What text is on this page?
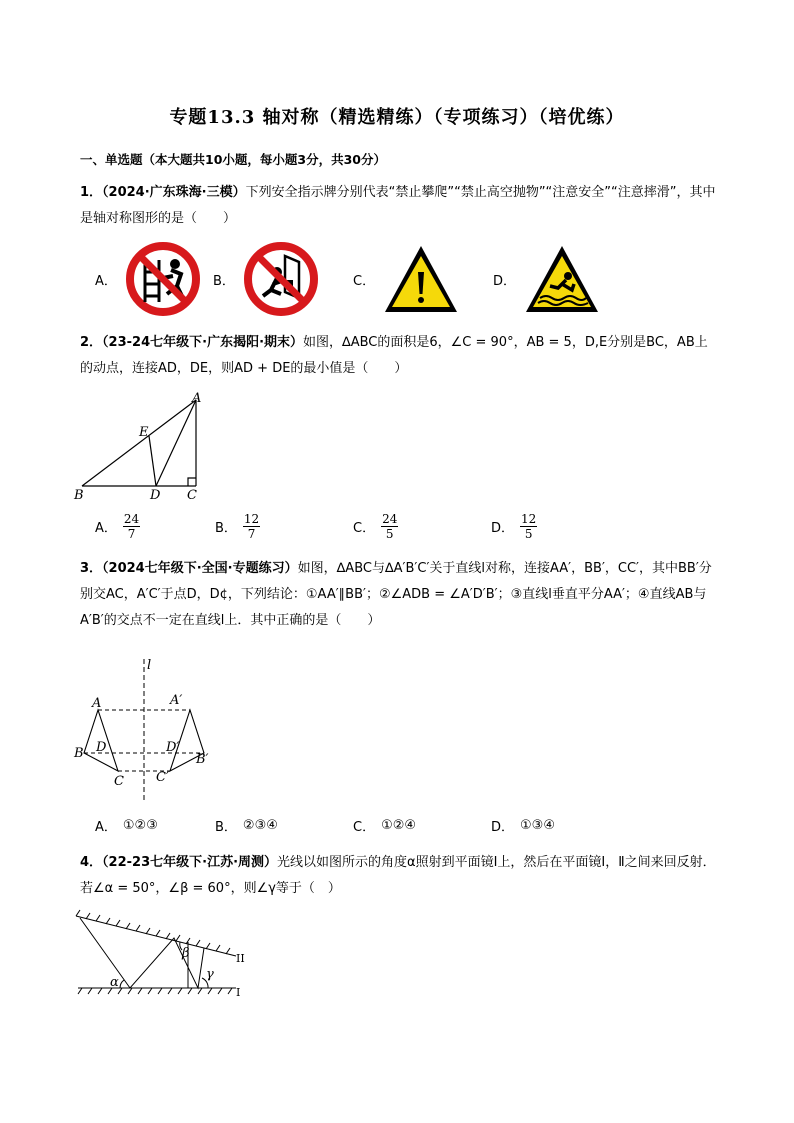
专题13.3 轴对称（精选精练）（专项练习）（培优练）
一、单选题（本大题共10小题，每小题3分，共30分）
1．（2024·广东珠海·三模）下列安全指示牌分别代表“禁止攀爬”“禁止高空抛物”“注意安全”“注意摔滑”，其中是轴对称图形的是（　　）
A．	B．	C．	D．
2．（23-24七年级下·广东揭阳·期末）如图，∆ABC的面积是6，∠C = 90°，AB = 5，D,E分别是BC，AB上的动点，连接AD，DE，则AD + DE的最小值是（　　）
A
E
B	D C
A． $\frac{24}{7}$	B． $\frac{12}{7}$	C． $\frac{24}{5}$	D． $\frac{12}{5}$
3．（2024七年级下·全国·专题练习）如图，∆ABC与∆A′B′C′关于直线l对称，连接AA′，BB′，CC′，其中BB′分别交AC，A′C′于点D，D¢，下列结论：①AA′∥BB′；②∠ADB = ∠A′D′B′；③直线l垂直平分AA′；④直线AB与A′B′的交点不一定在直线l上．其中正确的是（　　）
l
A	A′
B D	D′
B′
C C′
A． ①②③	B． ②③④	C． ①②④	D． ①③④
4．（22-23七年级下·江苏·周测）光线以如图所示的角度α照射到平面镜Ⅰ上，然后在平面镜Ⅰ，Ⅱ之间来回反射．若∠α = 50°，∠β = 60°，则∠γ等于（　）
β
α
γ
II
I
